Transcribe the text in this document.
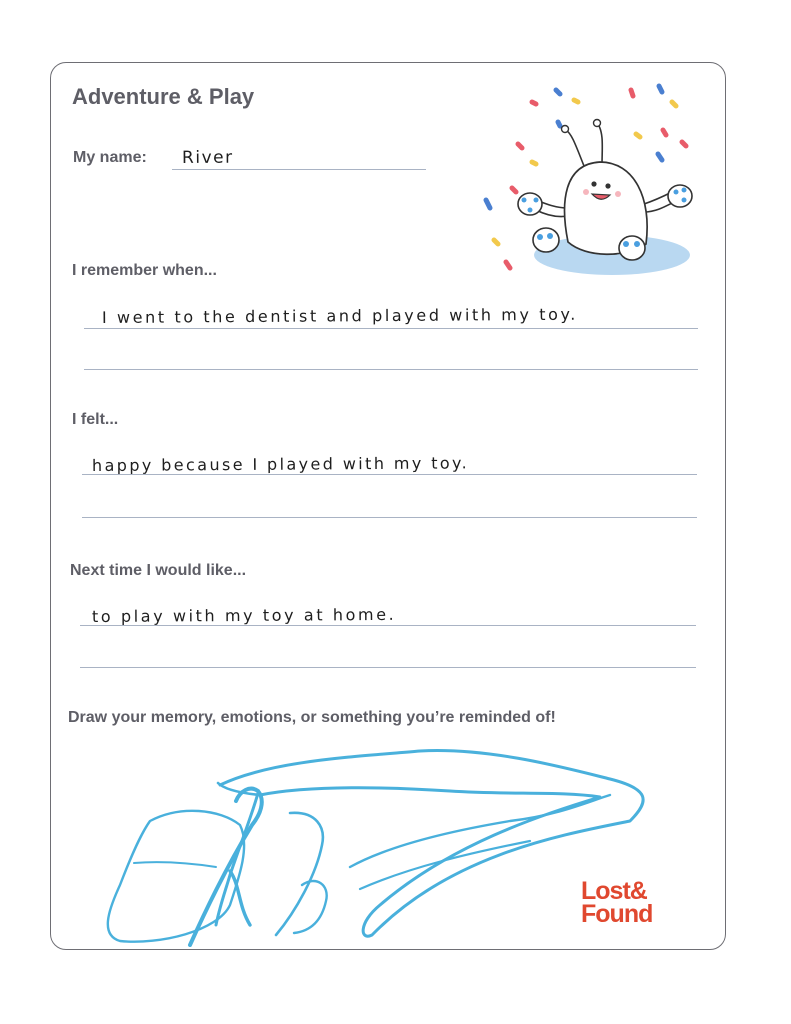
Adventure & Play
My name: River
I remember when...
I went to the dentist and played with my toy.
I felt...
happy because I played with my toy.
Next time I would like...
to play with my toy at home.
Draw your memory, emotions, or something you’re reminded of!
Lost&
Found
